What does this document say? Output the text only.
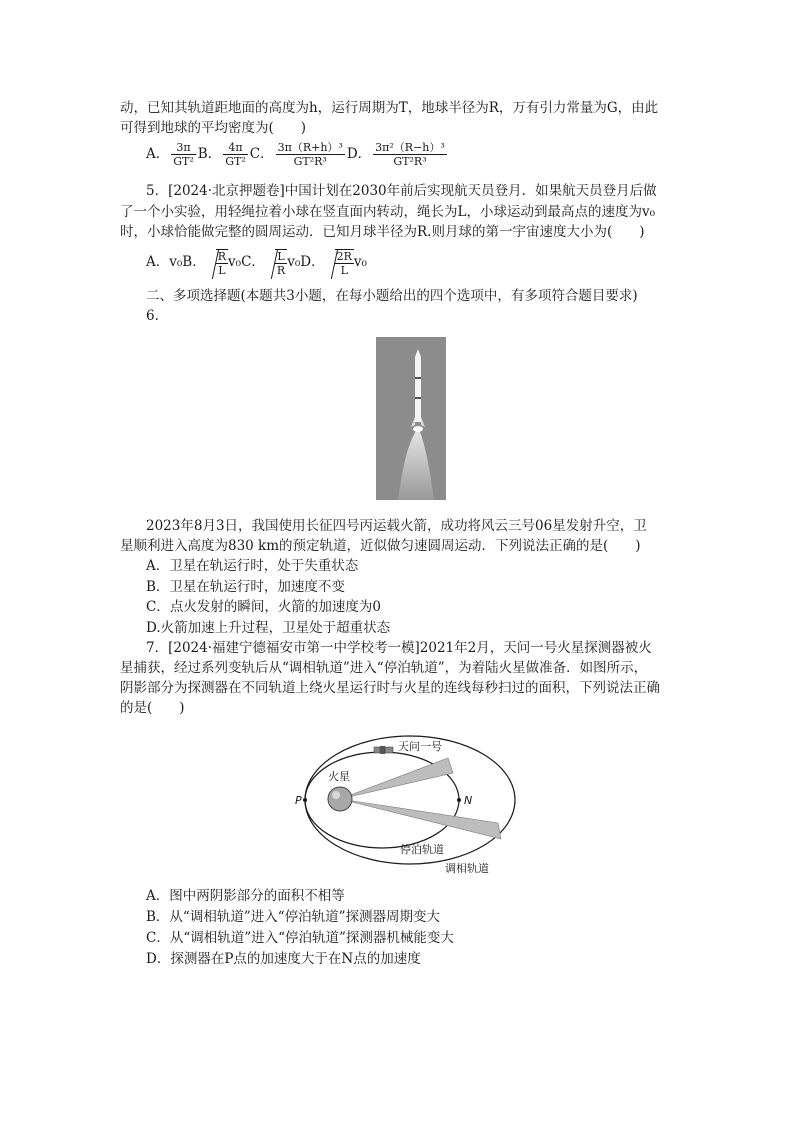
动，已知其轨道距地面的高度为h，运行周期为T，地球半径为R，万有引力常量为G，由此
可得到地球的平均密度为(　　)
A． $\frac{3\pi}{\text{GT²}}$ B． $\frac{4\pi}{\text{GT²}}$ C． $\frac{\text{3π（R+h）³}}{\text{GT²R³}}$ D． $\frac{\text{3π²（R−h）³}}{\text{GT²R³}}$
5．[2024·北京押题卷]中国计划在2030年前后实现航天员登月．如果航天员登月后做
了一个小实验，用轻绳拉着小球在竖直面内转动，绳长为L，小球运动到最高点的速度为v₀
时，小球恰能做完整的圆周运动．已知月球半径为R.则月球的第一宇宙速度大小为(　　)
A．v₀B． $\frac{R}{L} v_0C$． $\frac{L}{R} v_0D$． $\frac{2R}{L} v_0$
二、多项选择题(本题共3小题，在每小题给出的四个选项中，有多项符合题目要求)
6.
2023年8月3日，我国使用长征四号丙运载火箭，成功将风云三号06星发射升空，卫
星顺利进入高度为830 km的预定轨道，近似做匀速圆周运动．下列说法正确的是(　　)
A．卫星在轨运行时，处于失重状态
B．卫星在轨运行时，加速度不变
C．点火发射的瞬间，火箭的加速度为0
D.火箭加速上升过程，卫星处于超重状态
7．[2024·福建宁德福安市第一中学校考一模]2021年2月，天问一号火星探测器被火
星捕获，经过系列变轨后从“调相轨道”进入“停泊轨道”，为着陆火星做准备．如图所示，
阴影部分为探测器在不同轨道上绕火星运行时与火星的连线每秒扫过的面积，下列说法正确
的是(　　)
P	N
天问一号
火星
停泊轨道
调相轨道
A．图中两阴影部分的面积不相等
B．从“调相轨道”进入“停泊轨道”探测器周期变大
C．从“调相轨道”进入“停泊轨道”探测器机械能变大
D．探测器在P点的加速度大于在N点的加速度
